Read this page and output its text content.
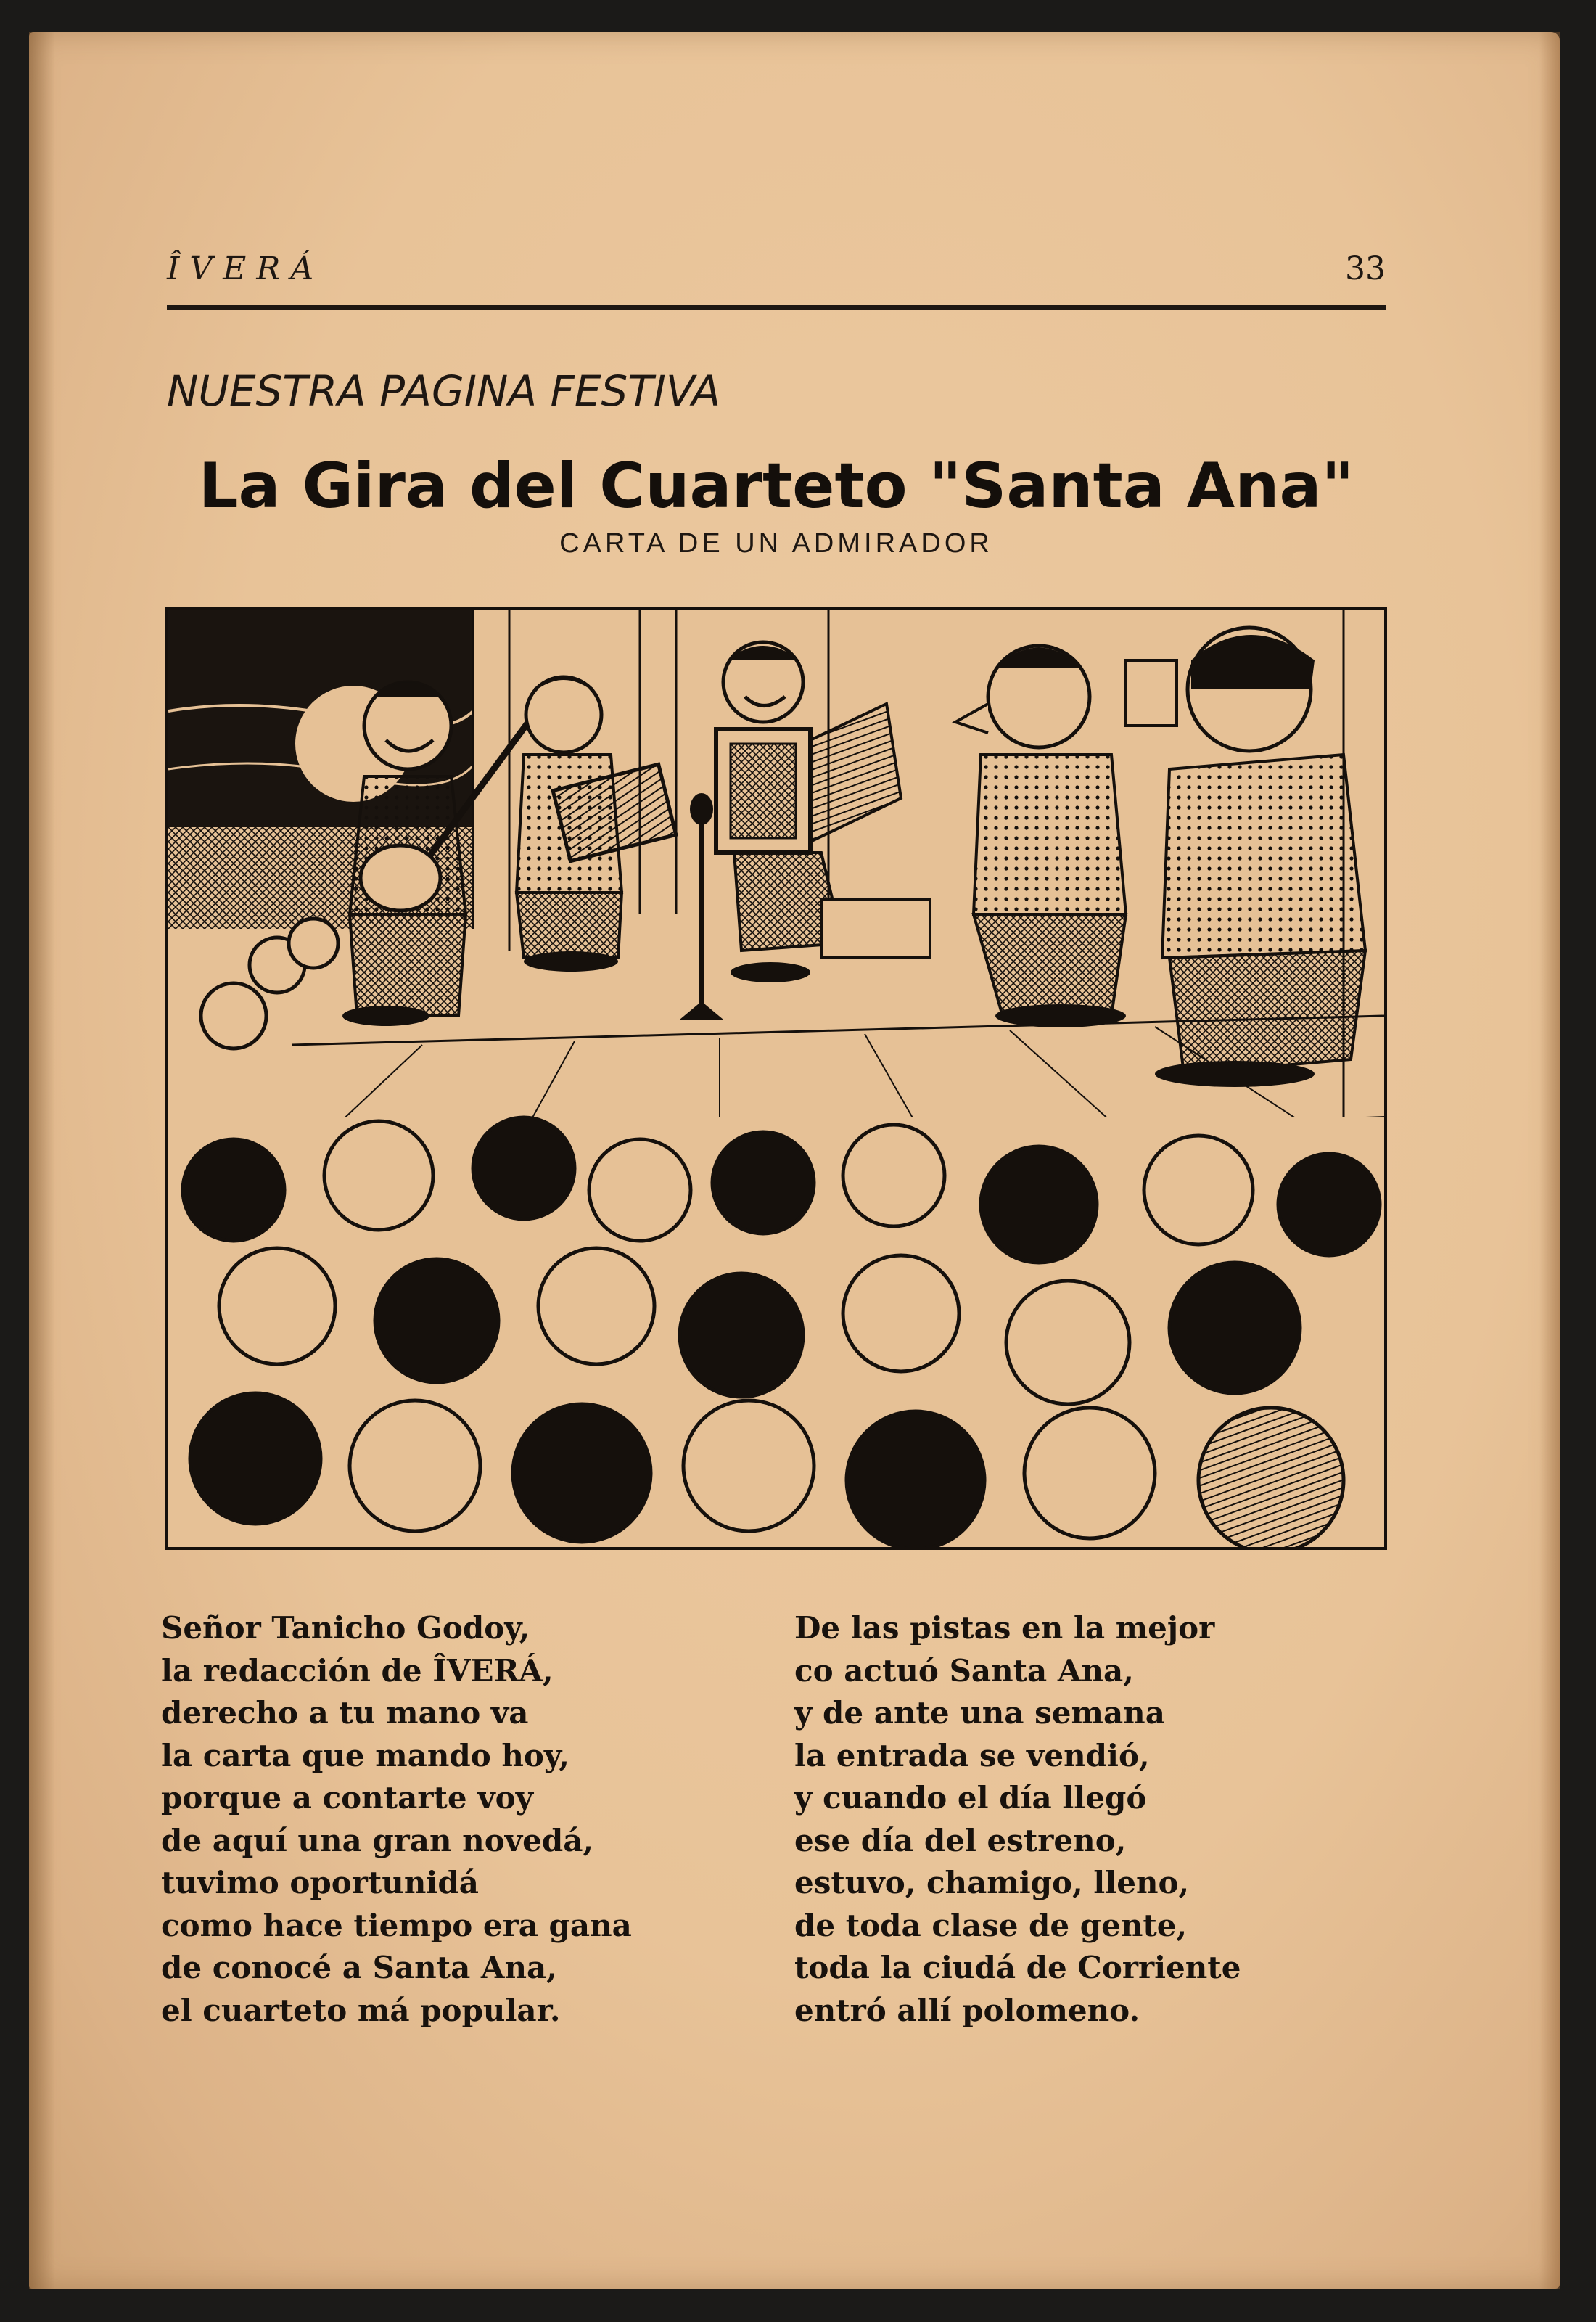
ÎVERÁ	33
NUESTRA PAGINA FESTIVA
La Gira del Cuarteto "Santa Ana"
CARTA DE UN ADMIRADOR
Señor Tanicho Godoy,
la redacción de ÎVERÁ,
derecho a tu mano va
la carta que mando hoy,
porque a contarte voy
de aquí una gran novedá,
tuvimo oportunidá
como hace tiempo era gana
de conocé a Santa Ana,
el cuarteto má popular.
De las pistas en la mejor
co actuó Santa Ana,
y de ante una semana
la entrada se vendió,
y cuando el día llegó
ese día del estreno,
estuvo, chamigo, lleno,
de toda clase de gente,
toda la ciudá de Corriente
entró allí polomeno.
